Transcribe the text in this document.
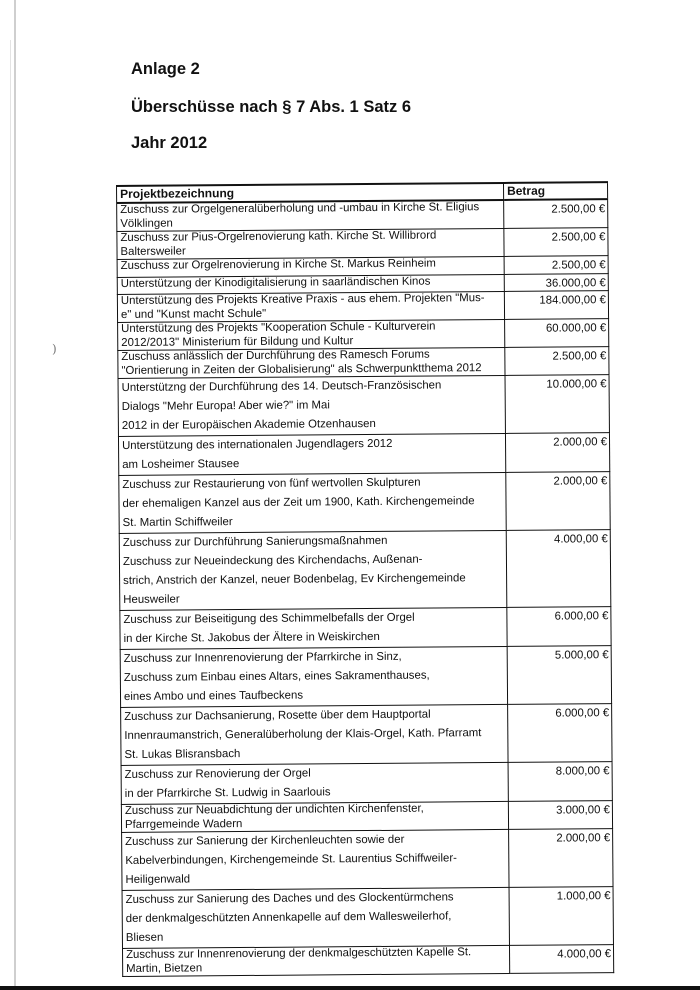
)
Anlage 2
Überschüsse nach § 7 Abs. 1 Satz 6
Jahr 2012
Projektbezeichnung	Betrag
Zuschuss zur Orgelgeneralüberholung und -umbau in Kirche St. Eligius
Völklingen	2.500,00 €
Zuschuss zur Pius-Orgelrenovierung kath. Kirche St. Willibrord
Baltersweiler	2.500,00 €
Zuschuss zur Orgelrenovierung in Kirche St. Markus Reinheim	2.500,00 €
Unterstützung der Kinodigitalisierung in saarländischen Kinos	36.000,00 €
Unterstützung des Projekts Kreative Praxis - aus ehem. Projekten "Mus-
e" und "Kunst macht Schule"	184.000,00 €
Unterstützung des Projekts "Kooperation Schule - Kulturverein
2012/2013" Ministerium für Bildung und Kultur	60.000,00 €
Zuschuss anlässlich der Durchführung des Ramesch Forums
"Orientierung in Zeiten der Globalisierung" als Schwerpunktthema 2012	2.500,00 €
Unterstützng der Durchführung des 14. Deutsch-Französischen
Dialogs "Mehr Europa! Aber wie?" im Mai
2012 in der Europäischen Akademie Otzenhausen	10.000,00 €
Unterstützung des internationalen Jugendlagers 2012
am Losheimer Stausee	2.000,00 €
Zuschuss zur Restaurierung von fünf wertvollen Skulpturen
der ehemaligen Kanzel aus der Zeit um 1900, Kath. Kirchengemeinde
St. Martin Schiffweiler	2.000,00 €
Zuschuss zur Durchführung Sanierungsmaßnahmen
Zuschuss zur Neueindeckung des Kirchendachs, Außenan-
strich, Anstrich der Kanzel, neuer Bodenbelag, Ev Kirchengemeinde
Heusweiler	4.000,00 €
Zuschuss zur Beiseitigung des Schimmelbefalls der Orgel
in der Kirche St. Jakobus der Ältere in Weiskirchen	6.000,00 €
Zuschuss zur Innenrenovierung der Pfarrkirche in Sinz,
Zuschuss zum Einbau eines Altars, eines Sakramenthauses,
eines Ambo und eines Taufbeckens	5.000,00 €
Zuschuss zur Dachsanierung, Rosette über dem Hauptportal
Innenraumanstrich, Generalüberholung der Klais-Orgel, Kath. Pfarramt
St. Lukas Blisransbach	6.000,00 €
Zuschuss zur Renovierung der Orgel
in der Pfarrkirche St. Ludwig in Saarlouis	8.000,00 €
Zuschuss zur Neuabdichtung der undichten Kirchenfenster,
Pfarrgemeinde Wadern	3.000,00 €
Zuschuss zur Sanierung der Kirchenleuchten sowie der
Kabelverbindungen, Kirchengemeinde St. Laurentius Schiffweiler-
Heiligenwald	2.000,00 €
Zuschuss zur Sanierung des Daches und des Glockentürmchens
der denkmalgeschützten Annenkapelle auf dem Wallesweilerhof,
Bliesen	1.000,00 €
Zuschuss zur Innenrenovierung der denkmalgeschützten Kapelle St.
Martin, Bietzen	4.000,00 €
